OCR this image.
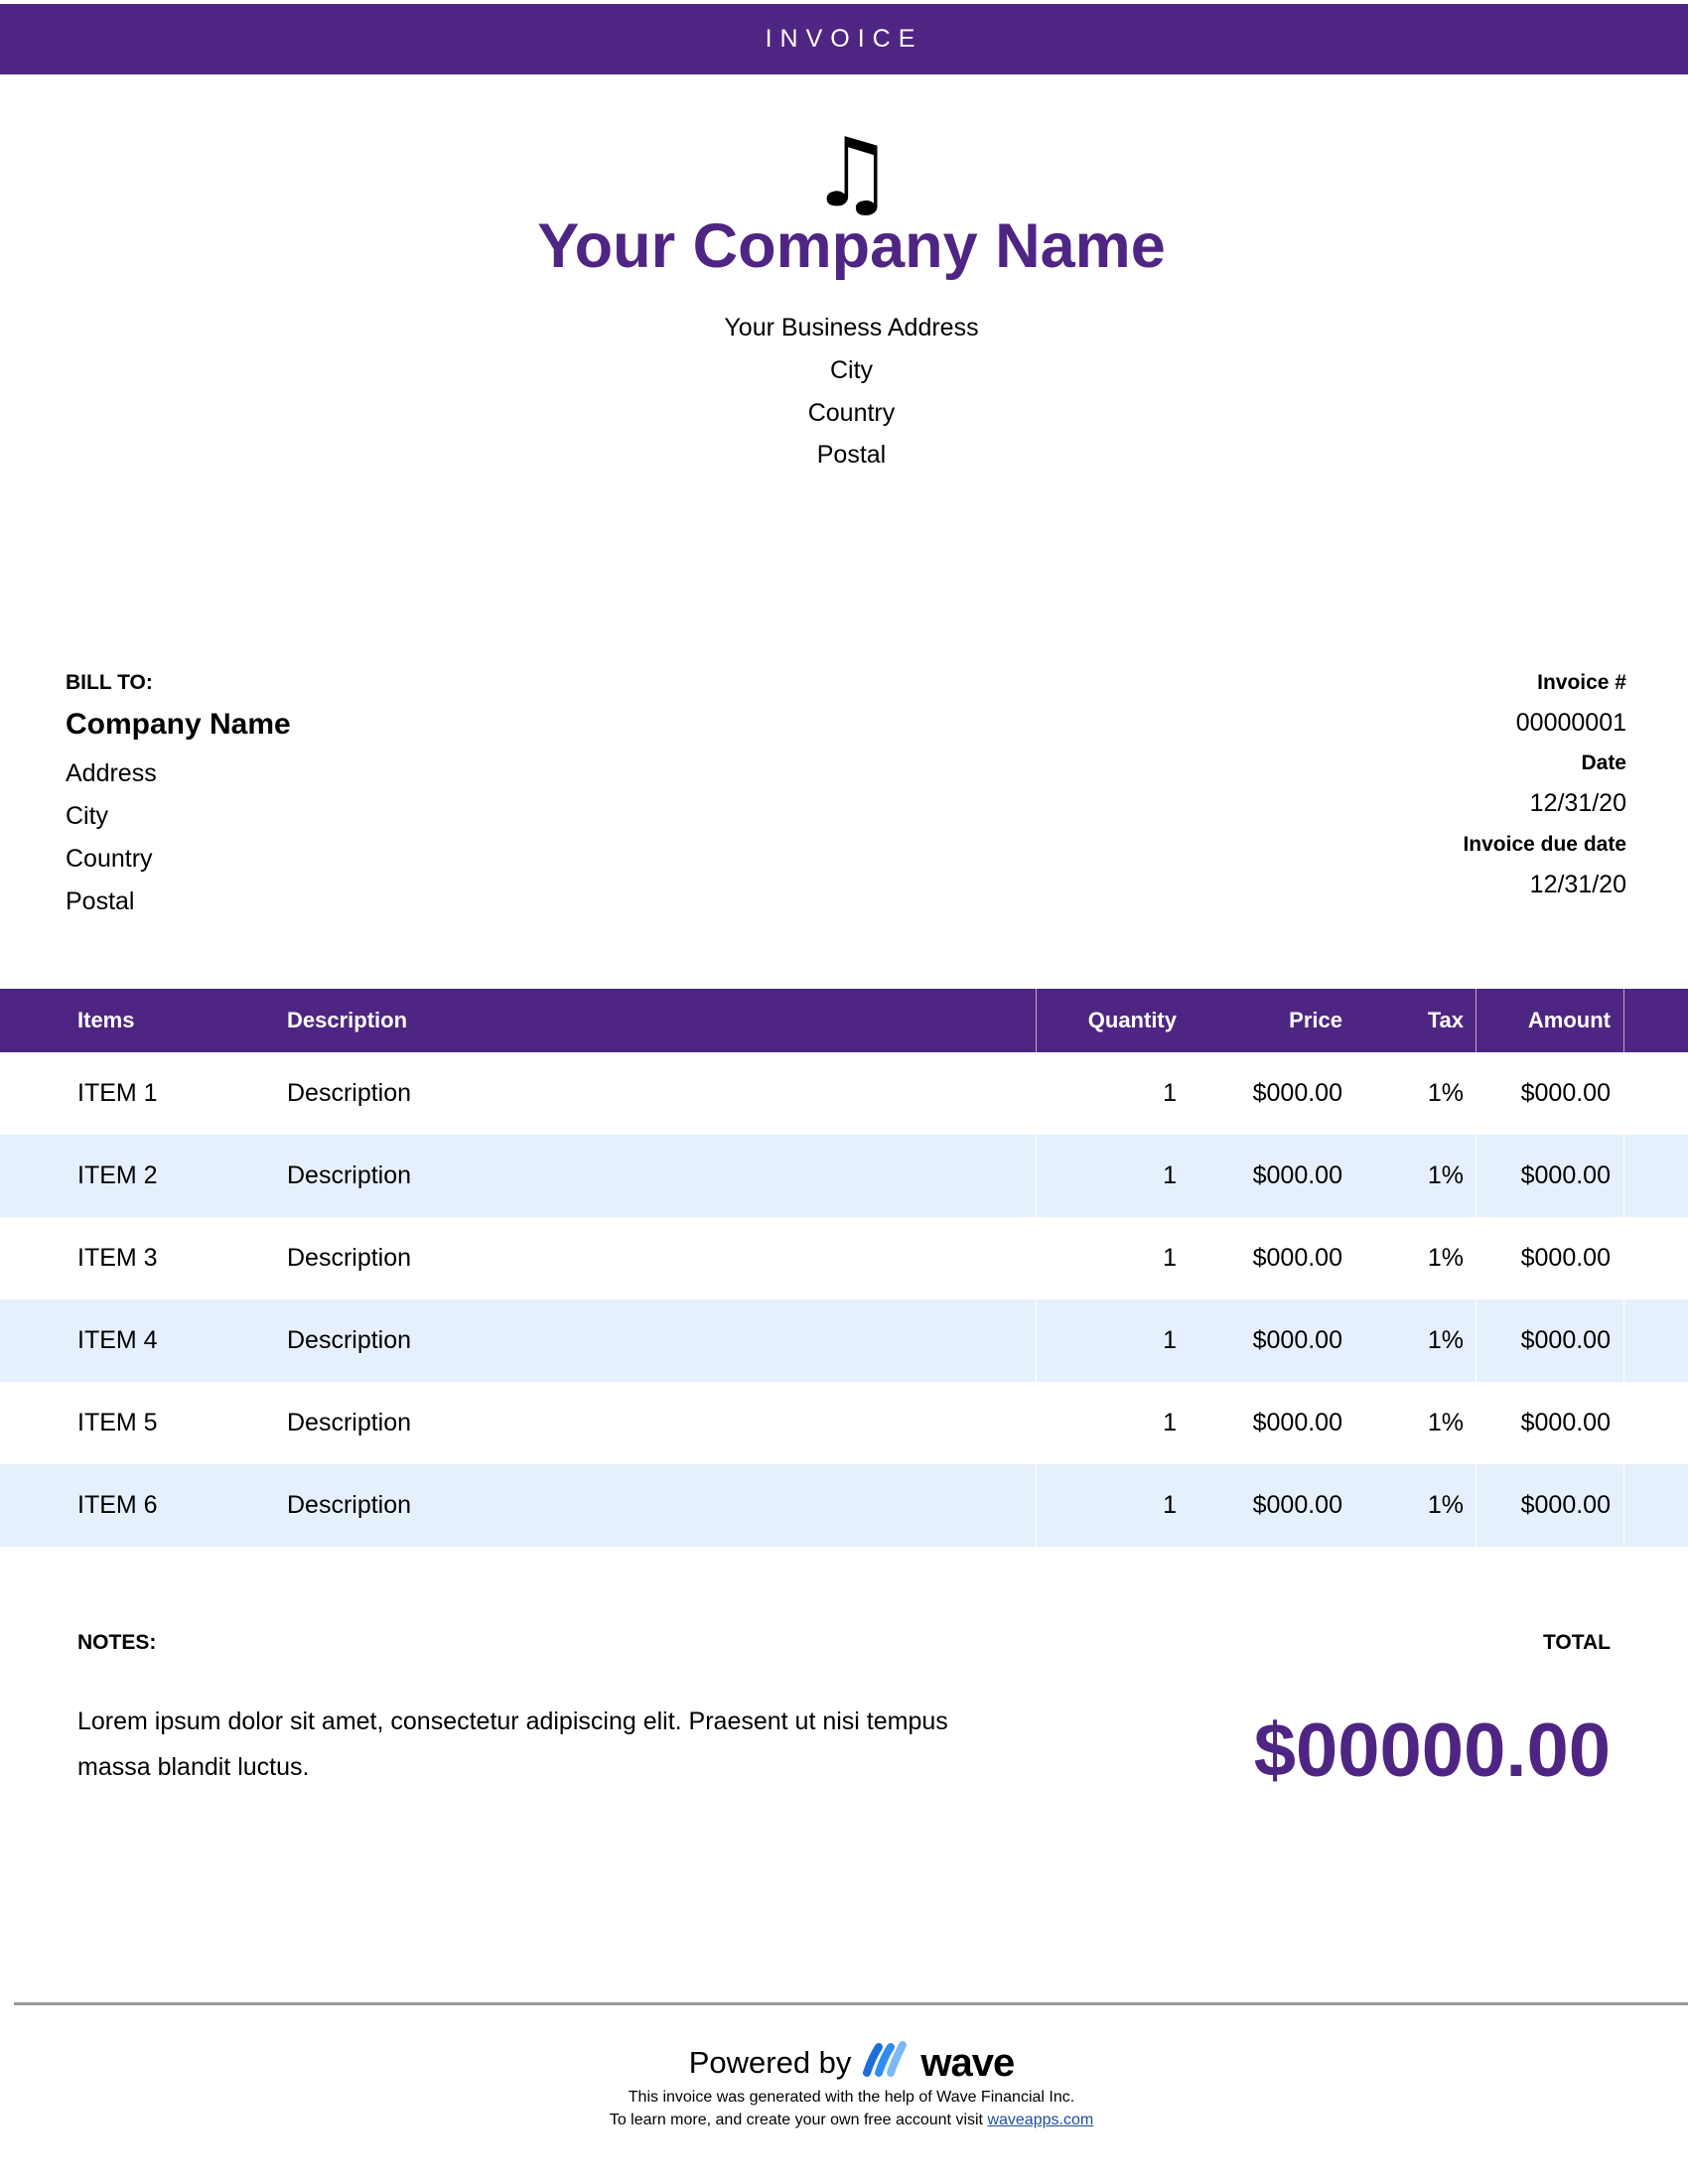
INVOICE
♫
Your Company Name
Your Business Address
City
Country
Postal
BILL TO:
Company Name
Address
City
Country
Postal
Invoice #
00000001
Date
12/31/20
Invoice due date
12/31/20
Items	Description	Quantity	Price	Tax	Amount
ITEM 1	Description	1	$000.00	1% $000.00
ITEM 2	Description	1	$000.00	1% $000.00
ITEM 3	Description	1	$000.00	1% $000.00
ITEM 4	Description	1	$000.00	1% $000.00
ITEM 5	Description	1	$000.00	1% $000.00
ITEM 6	Description	1	$000.00	1% $000.00
NOTES:
Lorem ipsum dolor sit amet, consectetur adipiscing elit. Praesent ut nisi tempus massa blandit luctus.
TOTAL
$00000.00
Powered by wave
This invoice was generated with the help of Wave Financial Inc.
To learn more, and create your own free account visit waveapps.com
